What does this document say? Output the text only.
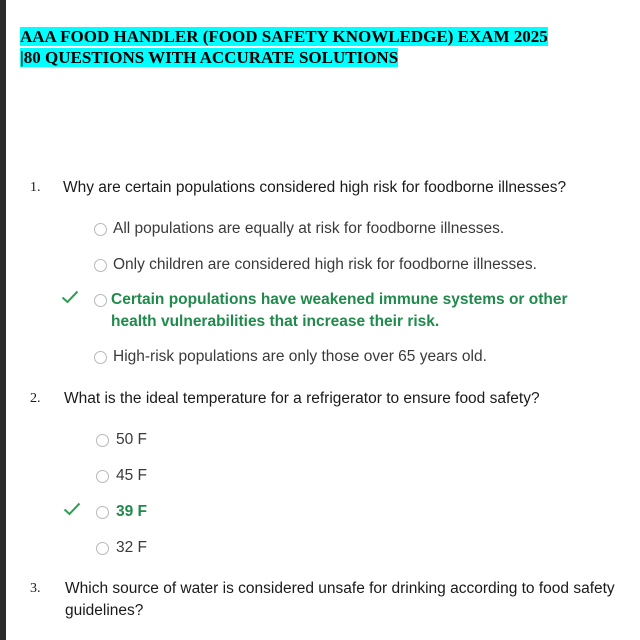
AAA FOOD HANDLER (FOOD SAFETY KNOWLEDGE) EXAM 2025
|80 QUESTIONS WITH ACCURATE SOLUTIONS
1. Why are certain populations considered high risk for foodborne illnesses?
All populations are equally at risk for foodborne illnesses.
Only children are considered high risk for foodborne illnesses.
Certain populations have weakened immune systems or other health vulnerabilities that increase their risk.
High-risk populations are only those over 65 years old.
2. What is the ideal temperature for a refrigerator to ensure food safety?
50 F
45 F
39 F
32 F
3. Which source of water is considered unsafe for drinking according to food safety guidelines?
